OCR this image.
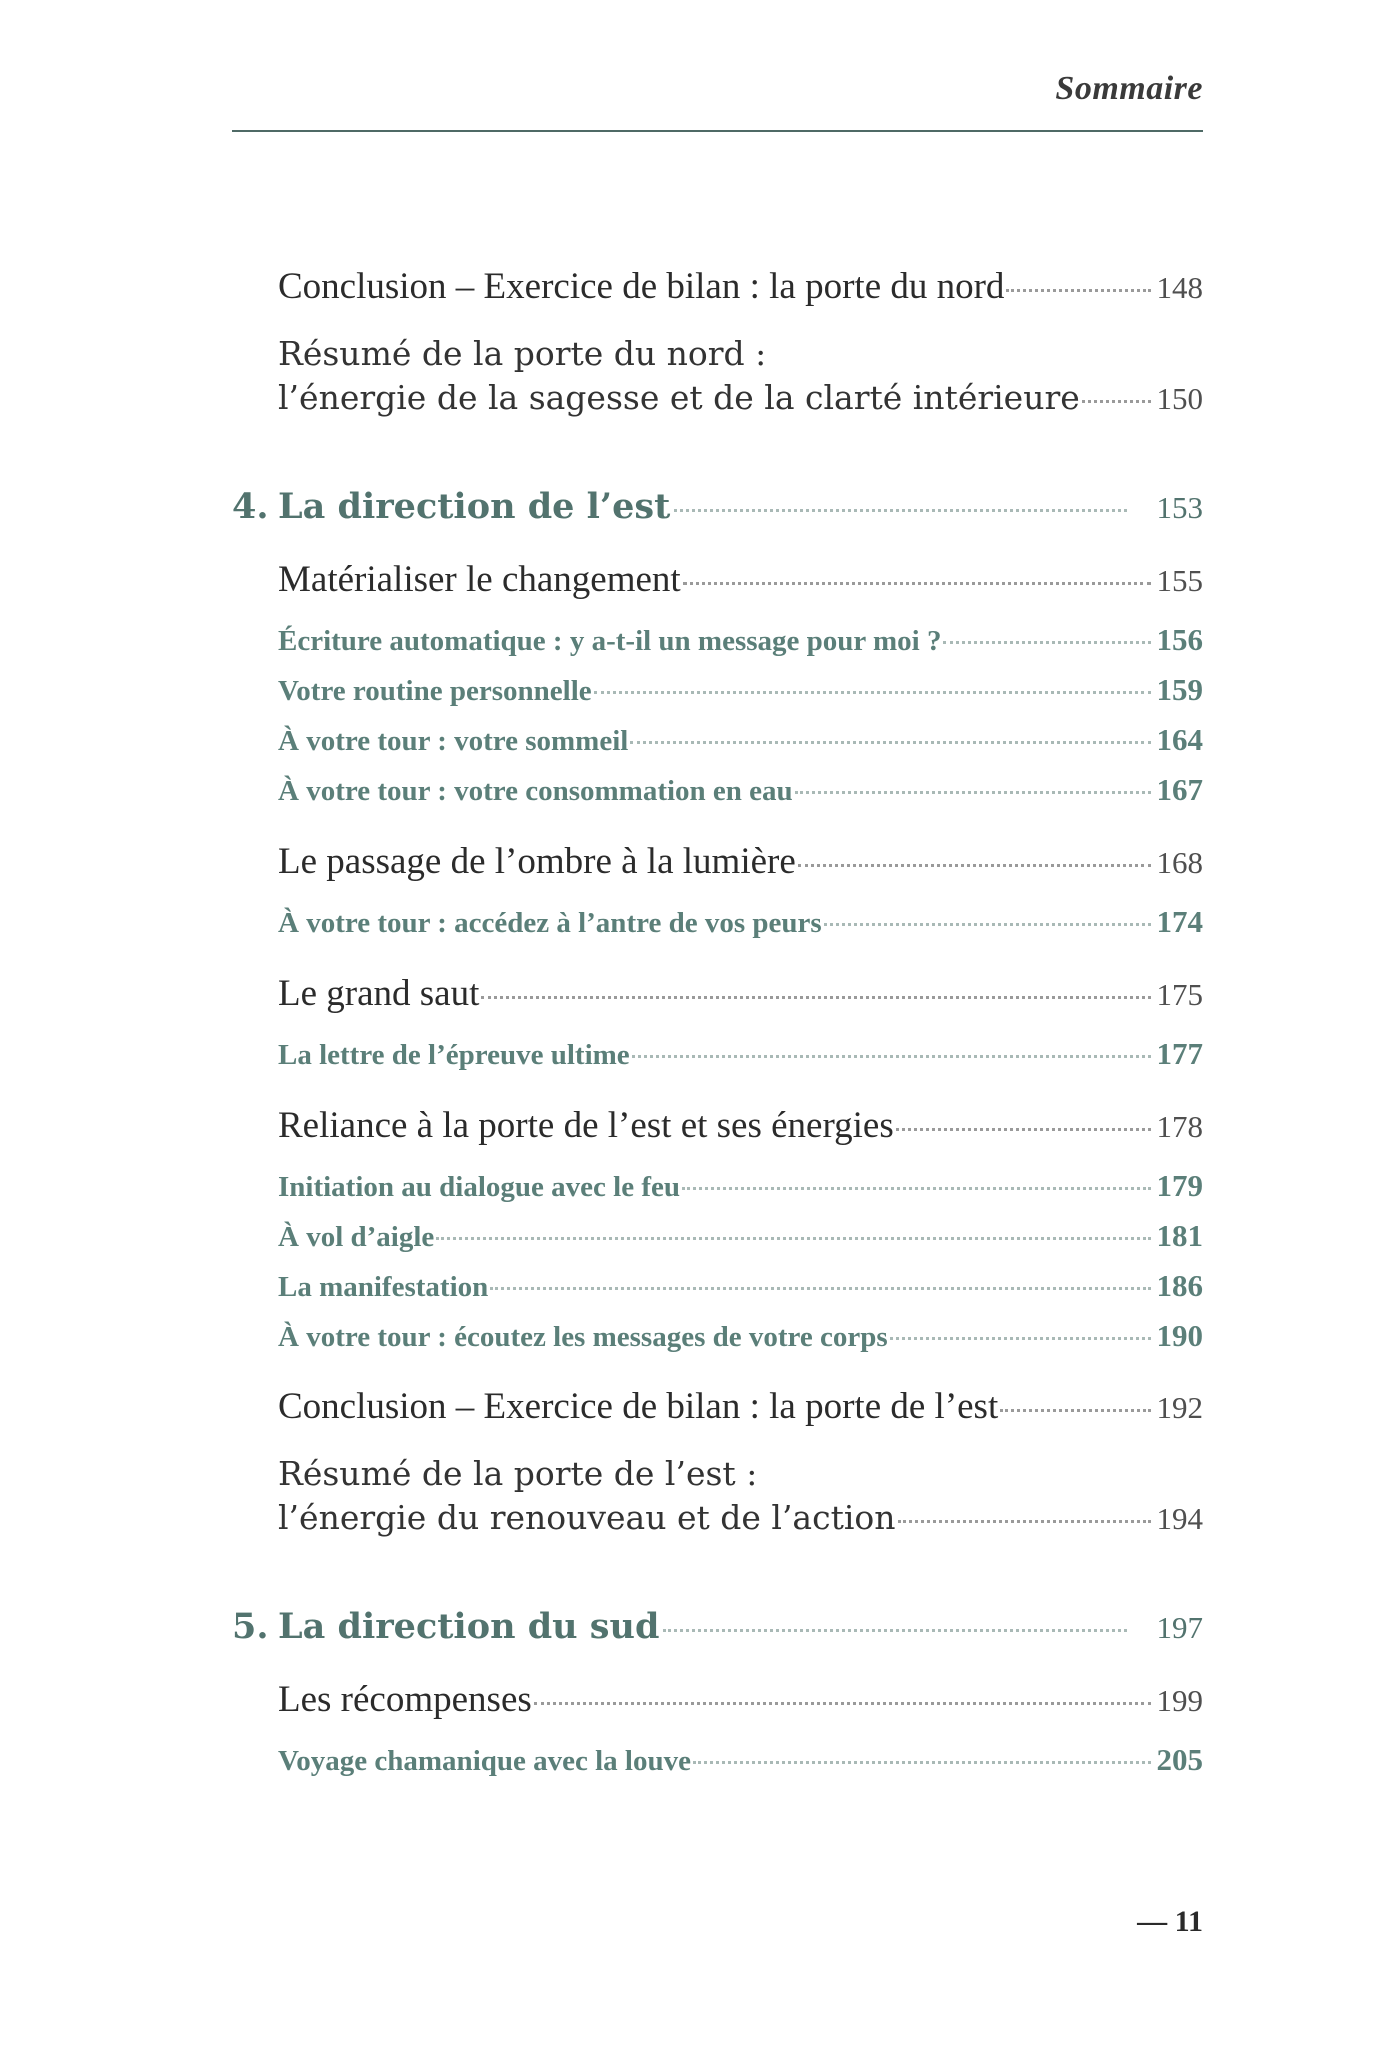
Sommaire
Conclusion – Exercice de bilan : la porte du nord	148
Résumé de la porte du nord :
l’énergie de la sagesse et de la clarté intérieure 150
4. La direction de l’est	153
Matérialiser le changement	155
Écriture automatique : y a-t-il un message pour moi ?	156
Votre routine personnelle	159
À votre tour : votre sommeil	164
À votre tour : votre consommation en eau	167
Le passage de l’ombre à la lumière	168
À votre tour : accédez à l’antre de vos peurs	174
Le grand saut	175
La lettre de l’épreuve ultime	177
Reliance à la porte de l’est et ses énergies	178
Initiation au dialogue avec le feu	179
À vol d’aigle	181
La manifestation	186
À votre tour : écoutez les messages de votre corps	190
Conclusion – Exercice de bilan : la porte de l’est	192
Résumé de la porte de l’est :
l’énergie du renouveau et de l’action	194
5. La direction du sud	197
Les récompenses	199
Voyage chamanique avec la louve	205
— 11
